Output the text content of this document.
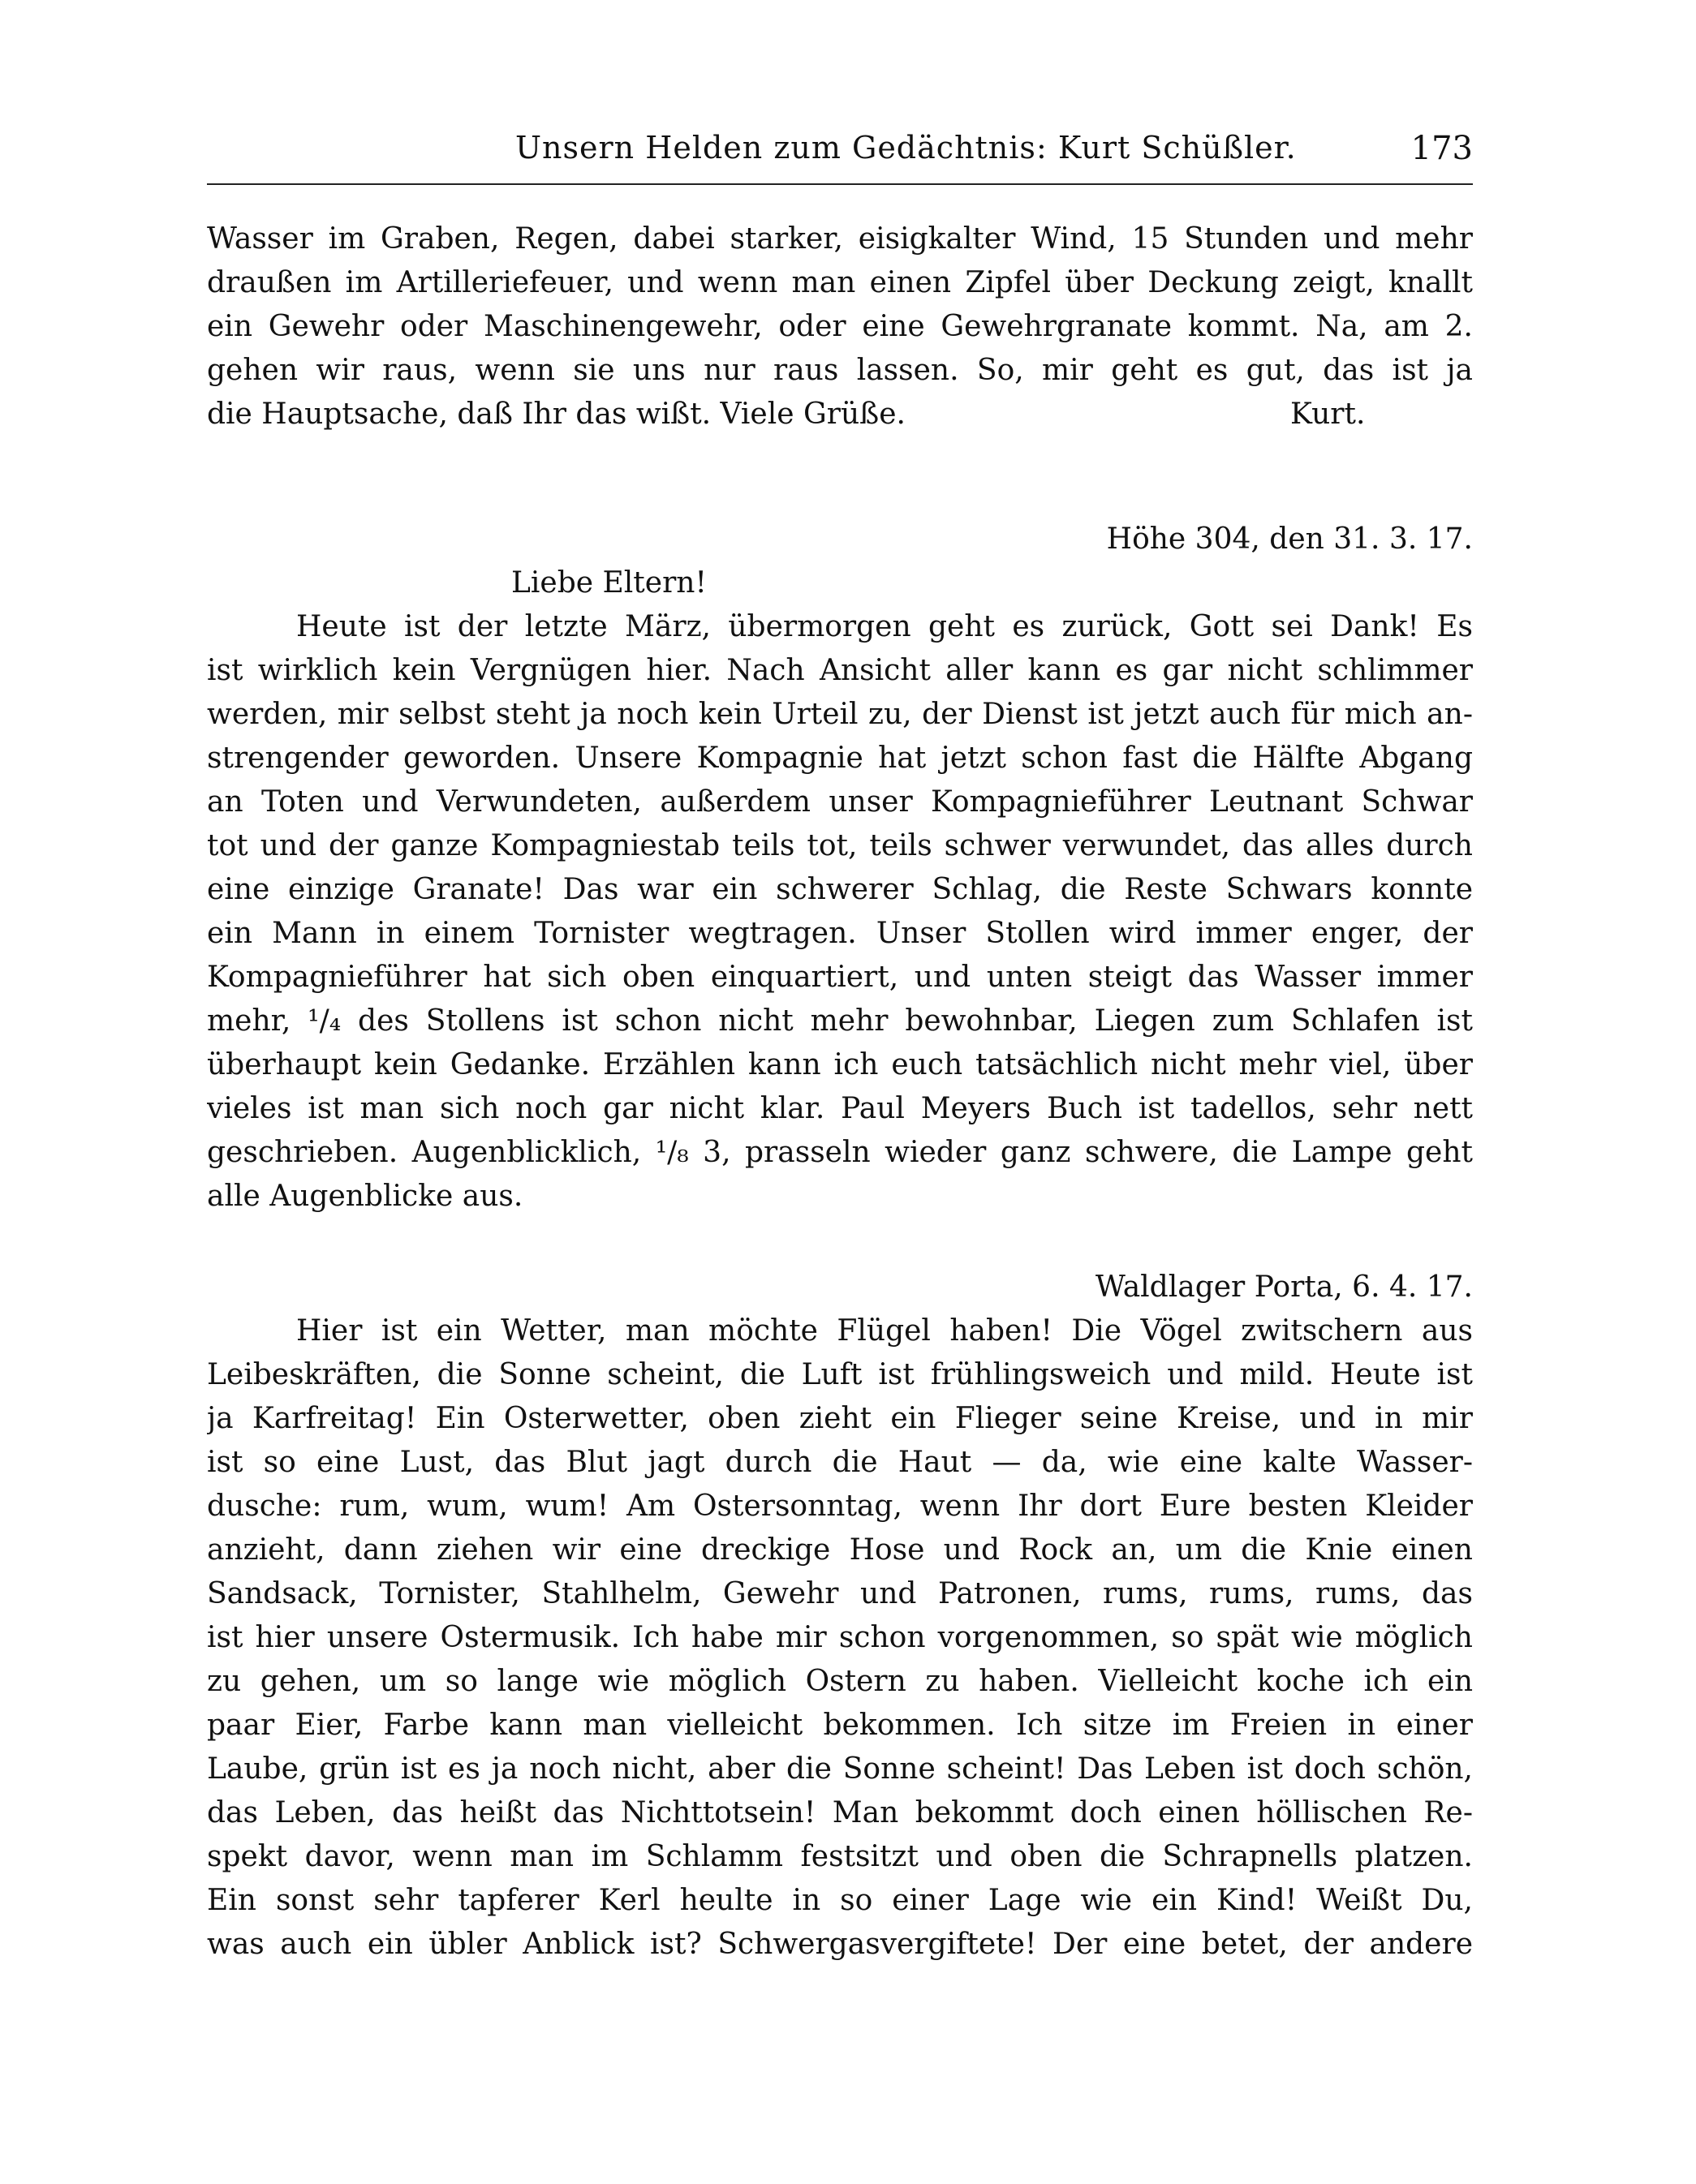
Unsern Helden zum Gedächtnis: Kurt Schüßler.	173
Wasser im Graben, Regen, dabei starker, eisigkalter Wind, 15 Stunden und mehr
draußen im Artilleriefeuer, und wenn man einen Zipfel über Deckung zeigt, knallt
ein Gewehr oder Maschinengewehr, oder eine Gewehrgranate kommt. Na, am 2.
gehen wir raus, wenn sie uns nur raus lassen. So, mir geht es gut, das ist ja
die Hauptsache, daß Ihr das wißt. Viele Grüße.	Kurt.
Höhe 304, den 31. 3. 17.
Liebe Eltern!
Heute ist der letzte März, übermorgen geht es zurück, Gott sei Dank! Es
ist wirklich kein Vergnügen hier. Nach Ansicht aller kann es gar nicht schlimmer
werden, mir selbst steht ja noch kein Urteil zu, der Dienst ist jetzt auch für mich an-
strengender geworden. Unsere Kompagnie hat jetzt schon fast die Hälfte Abgang
an Toten und Verwundeten, außerdem unser Kompagnieführer Leutnant Schwar
tot und der ganze Kompagniestab teils tot, teils schwer verwundet, das alles durch
eine einzige Granate! Das war ein schwerer Schlag, die Reste Schwars konnte
ein Mann in einem Tornister wegtragen. Unser Stollen wird immer enger, der
Kompagnieführer hat sich oben einquartiert, und unten steigt das Wasser immer
mehr, ¹/₄ des Stollens ist schon nicht mehr bewohnbar, Liegen zum Schlafen ist
überhaupt kein Gedanke. Erzählen kann ich euch tatsächlich nicht mehr viel, über
vieles ist man sich noch gar nicht klar. Paul Meyers Buch ist tadellos, sehr nett
geschrieben. Augenblicklich, ¹/₈ 3, prasseln wieder ganz schwere, die Lampe geht
alle Augenblicke aus.
Waldlager Porta, 6. 4. 17.
Hier ist ein Wetter, man möchte Flügel haben! Die Vögel zwitschern aus
Leibeskräften, die Sonne scheint, die Luft ist frühlingsweich und mild. Heute ist
ja Karfreitag! Ein Osterwetter, oben zieht ein Flieger seine Kreise, und in mir
ist so eine Lust, das Blut jagt durch die Haut — da, wie eine kalte Wasser-
dusche: rum, wum, wum! Am Ostersonntag, wenn Ihr dort Eure besten Kleider
anzieht, dann ziehen wir eine dreckige Hose und Rock an, um die Knie einen
Sandsack, Tornister, Stahlhelm, Gewehr und Patronen, rums, rums, rums, das
ist hier unsere Ostermusik. Ich habe mir schon vorgenommen, so spät wie möglich
zu gehen, um so lange wie möglich Ostern zu haben. Vielleicht koche ich ein
paar Eier, Farbe kann man vielleicht bekommen. Ich sitze im Freien in einer
Laube, grün ist es ja noch nicht, aber die Sonne scheint! Das Leben ist doch schön,
das Leben, das heißt das Nichttotsein! Man bekommt doch einen höllischen Re-
spekt davor, wenn man im Schlamm festsitzt und oben die Schrapnells platzen.
Ein sonst sehr tapferer Kerl heulte in so einer Lage wie ein Kind! Weißt Du,
was auch ein übler Anblick ist? Schwergasvergiftete! Der eine betet, der andere
